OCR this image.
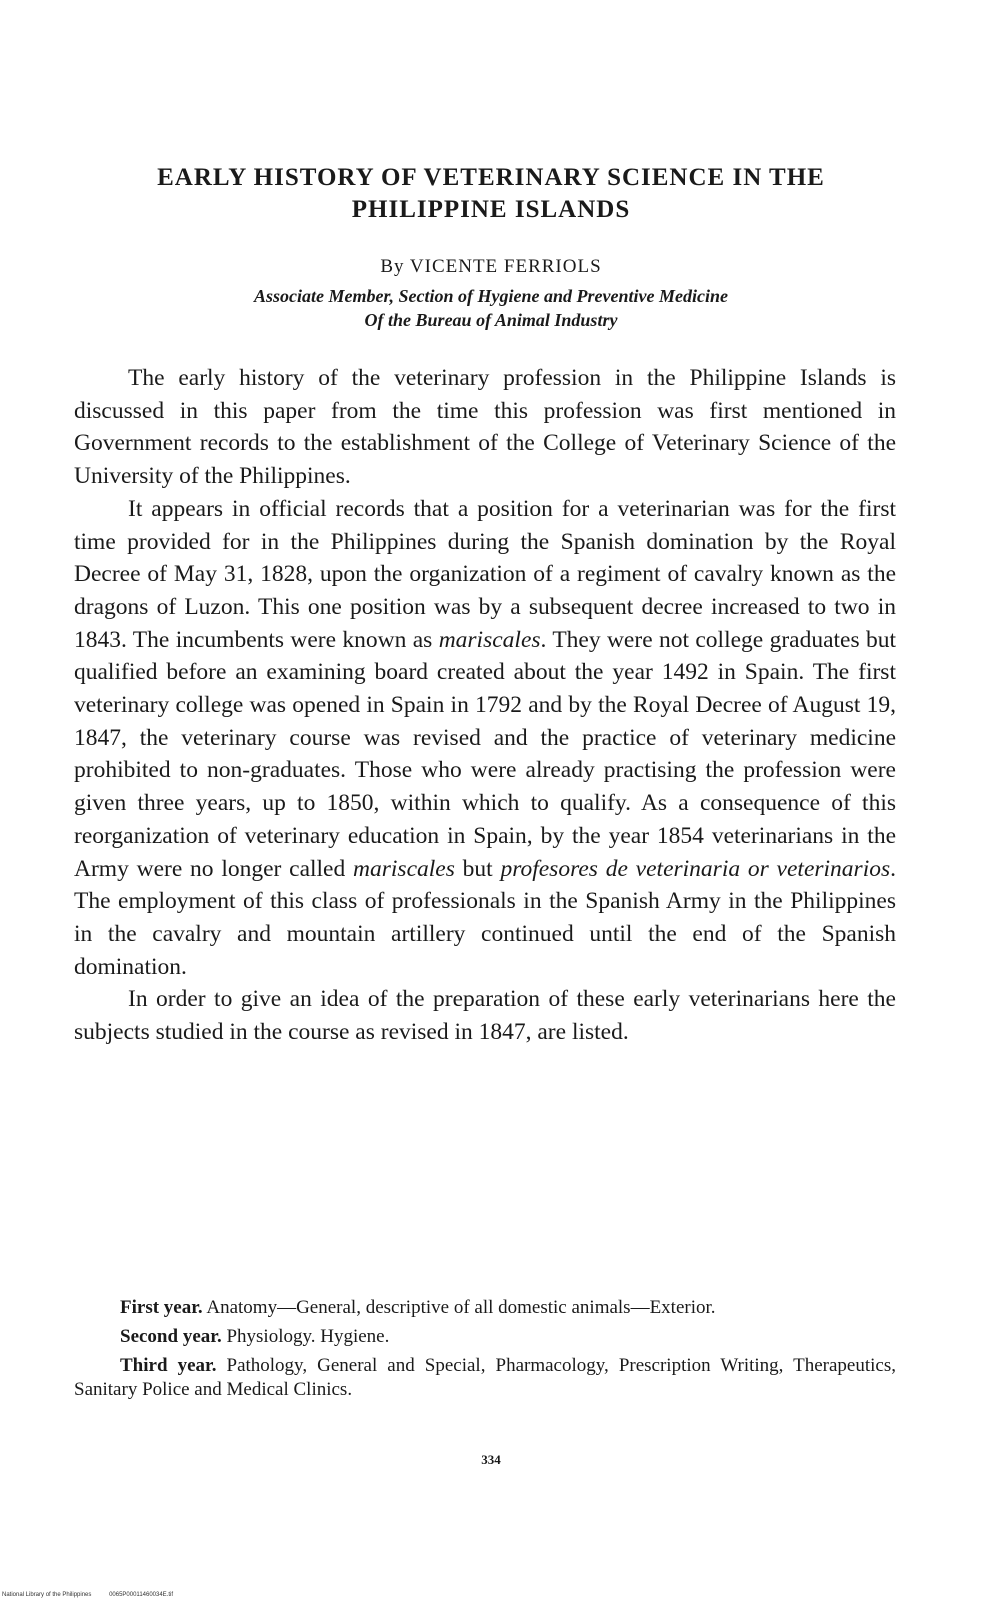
EARLY HISTORY OF VETERINARY SCIENCE IN THE
PHILIPPINE ISLANDS
By VICENTE FERRIOLS
Associate Member, Section of Hygiene and Preventive Medicine
Of the Bureau of Animal Industry

The early history of the veterinary profession in the Philippine Islands is discussed in this paper from the time this profession was first mentioned in Government records to the establishment of the College of Veterinary Science of the University of the Philippines.

It appears in official records that a position for a veterinarian was for the first time provided for in the Philippines during the Spanish domination by the Royal Decree of May 31, 1828, upon the organization of a regiment of cavalry known as the dragons of Luzon. This one position was by a subsequent decree increased to two in 1843. The incumbents were known as mariscales. They were not college graduates but qualified before an examining board created about the year 1492 in Spain. The first veterinary college was opened in Spain in 1792 and by the Royal Decree of August 19, 1847, the veterinary course was revised and the practice of veterinary medicine prohibited to non-graduates. Those who were already practising the profession were given three years, up to 1850, within which to qualify. As a consequence of this reorganization of veterinary education in Spain, by the year 1854 veterinarians in the Army were no longer called mariscales but profesores de veterinaria or veterinarios. The employment of this class of professionals in the Spanish Army in the Philippines in the cavalry and mountain artillery continued until the end of the Spanish domination.

In order to give an idea of the preparation of these early veterinarians here the subjects studied in the course as revised in 1847, are listed.

First year. Anatomy—General, descriptive of all domestic animals—Exterior.

Second year. Physiology. Hygiene.

Third year. Pathology, General and Special, Pharmacology, Prescription Writing, Therapeutics, Sanitary Police and Medical Clinics.

334
National Library of the Philippines	0065P00011460034E.tif
